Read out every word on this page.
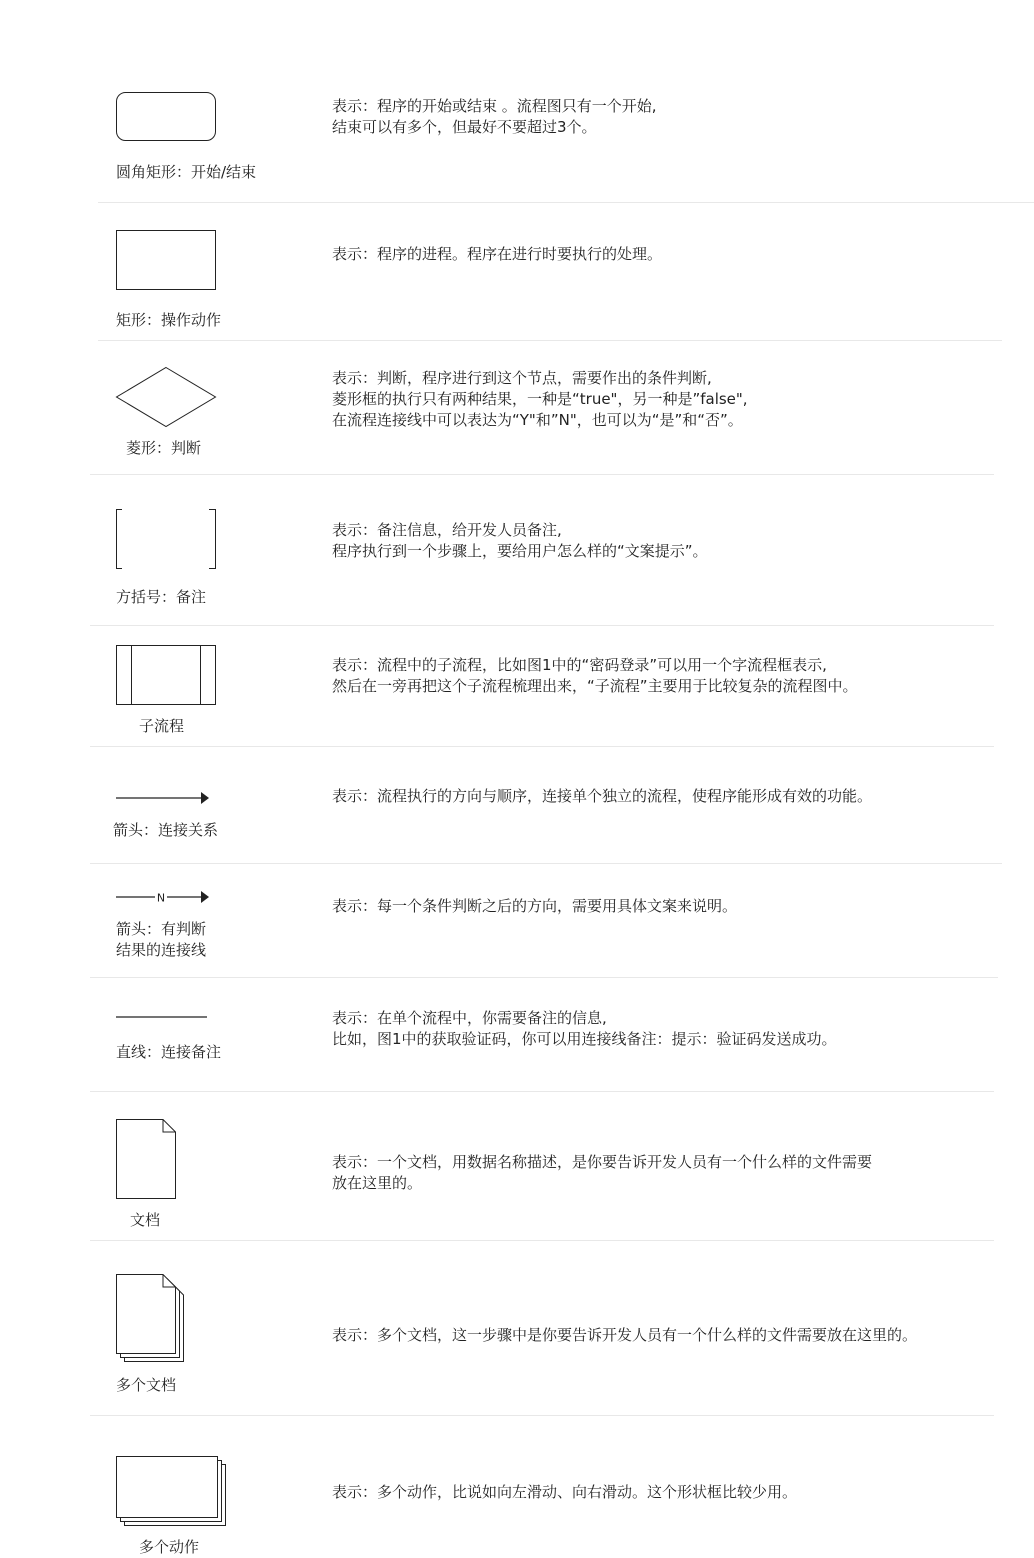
圆角矩形：开始/结束
表示：程序的开始或结束 。流程图只有一个开始,
结束可以有多个，但最好不要超过3个。
矩形：操作动作
表示：程序的进程。程序在进行时要执行的处理。
菱形：判断
表示：判断，程序进行到这个节点，需要作出的条件判断,
菱形框的执行只有两种结果，一种是“true"，另一种是”false",
在流程连接线中可以表达为“Y"和”N"，也可以为“是”和“否”。
方括号：备注
表示：备注信息，给开发人员备注,
程序执行到一个步骤上，要给用户怎么样的“文案提示”。
子流程
表示：流程中的子流程，比如图1中的“密码登录”可以用一个字流程框表示,
然后在一旁再把这个子流程梳理出来，“子流程”主要用于比较复杂的流程图中。
箭头：连接关系
表示：流程执行的方向与顺序，连接单个独立的流程，使程序能形成有效的功能。
N
箭头：有判断
结果的连接线
表示：每一个条件判断之后的方向，需要用具体文案来说明。
直线：连接备注
表示：在单个流程中，你需要备注的信息,
比如，图1中的获取验证码，你可以用连接线备注：提示：验证码发送成功。
文档
表示：一个文档，用数据名称描述，是你要告诉开发人员有一个什么样的文件需要
放在这里的。
多个文档
表示：多个文档，这一步骤中是你要告诉开发人员有一个什么样的文件需要放在这里的。
多个动作
表示：多个动作，比说如向左滑动、向右滑动。这个形状框比较少用。
